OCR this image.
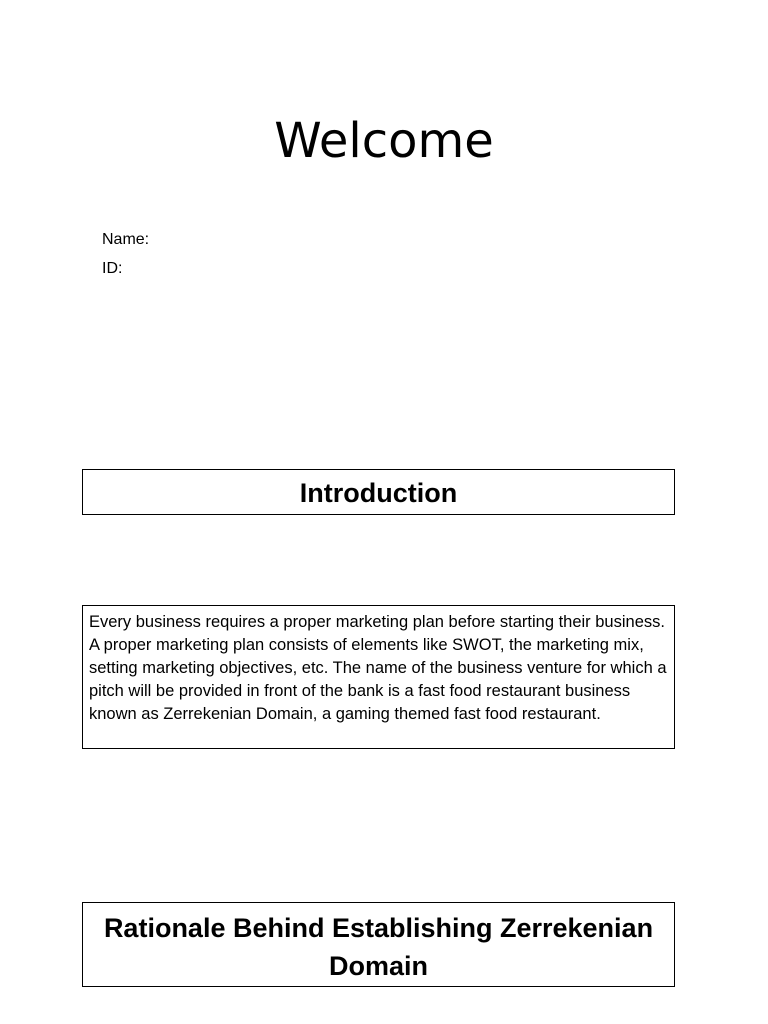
Welcome
Name:
ID:
Introduction

Every business requires a proper marketing plan before starting their business. A proper marketing plan consists of elements like SWOT, the marketing mix, setting marketing objectives, etc. The name of the business venture for which a pitch will be provided in front of the bank is a fast food restaurant business known as Zerrekenian Domain, a gaming themed fast food restaurant.

Rationale Behind Establishing Zerrekenian Domain
